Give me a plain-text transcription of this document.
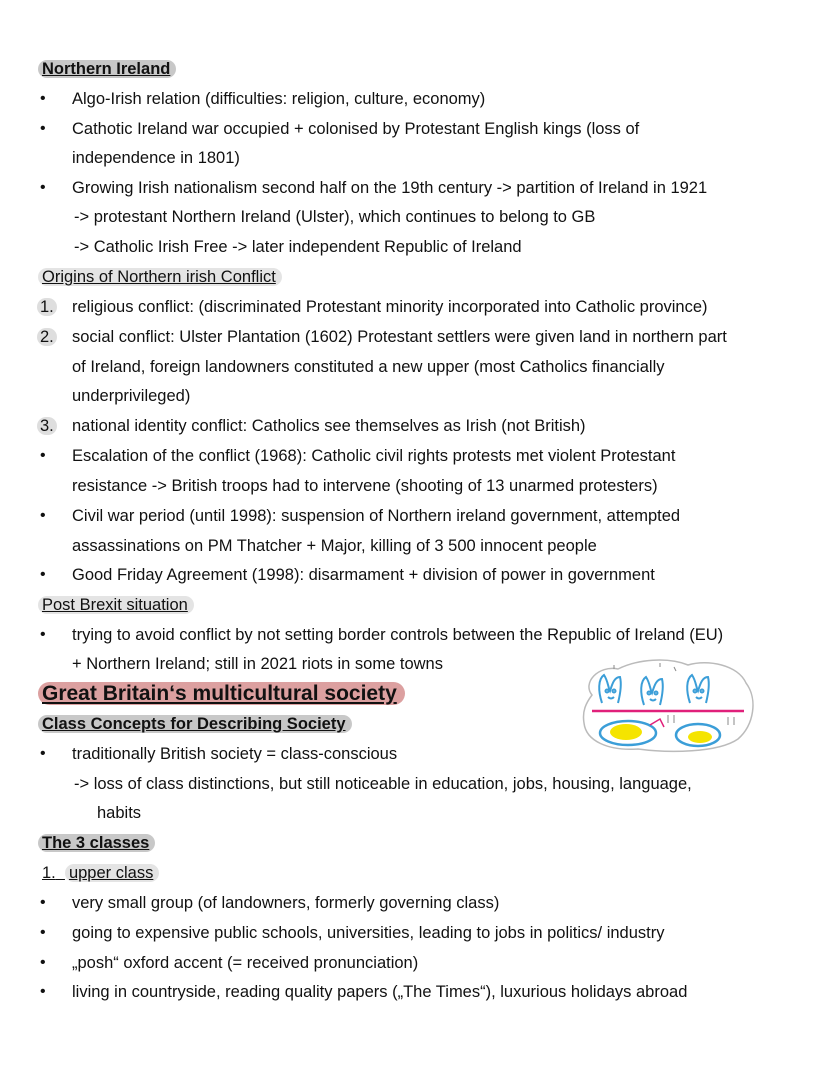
Northern Ireland
• Algo-Irish relation (difficulties: religion, culture, economy)
• Cathotic Ireland war occupied + colonised by Protestant English kings (loss of
independence in 1801)
• Growing Irish nationalism second half on the 19th century -> partition of Ireland in 1921
-> protestant Northern Ireland (Ulster), which continues to belong to GB
-> Catholic Irish Free -> later independent Republic of Ireland
Origins of Northern irish Conflict
1. religious conflict: (discriminated Protestant minority incorporated into Catholic province)
2. social conflict: Ulster Plantation (1602) Protestant settlers were given land in northern part
of Ireland, foreign landowners constituted a new upper (most Catholics financially
underprivileged)
3. national identity conflict: Catholics see themselves as Irish (not British)
• Escalation of the conflict (1968): Catholic civil rights protests met violent Protestant
resistance -> British troops had to intervene (shooting of 13 unarmed protesters)
• Civil war period (until 1998): suspension of Northern ireland government, attempted
assassinations on PM Thatcher + Major, killing of 3 500 innocent people
• Good Friday Agreement (1998): disarmament + division of power in government
Post Brexit situation
• trying to avoid conflict by not setting border controls between the Republic of Ireland (EU)
+ Northern Ireland; still in 2021 riots in some towns
Great Britain‘s multicultural society
Class Concepts for Describing Society
• traditionally British society = class-conscious
-> loss of class distinctions, but still noticeable in education, jobs, housing, language,
habits
The 3 classes
1. upper class
• very small group (of landowners, formerly governing class)
• going to expensive public schools, universities, leading to jobs in politics/ industry
• „posh“ oxford accent (= received pronunciation)
• living in countryside, reading quality papers („The Times“), luxurious holidays abroad
